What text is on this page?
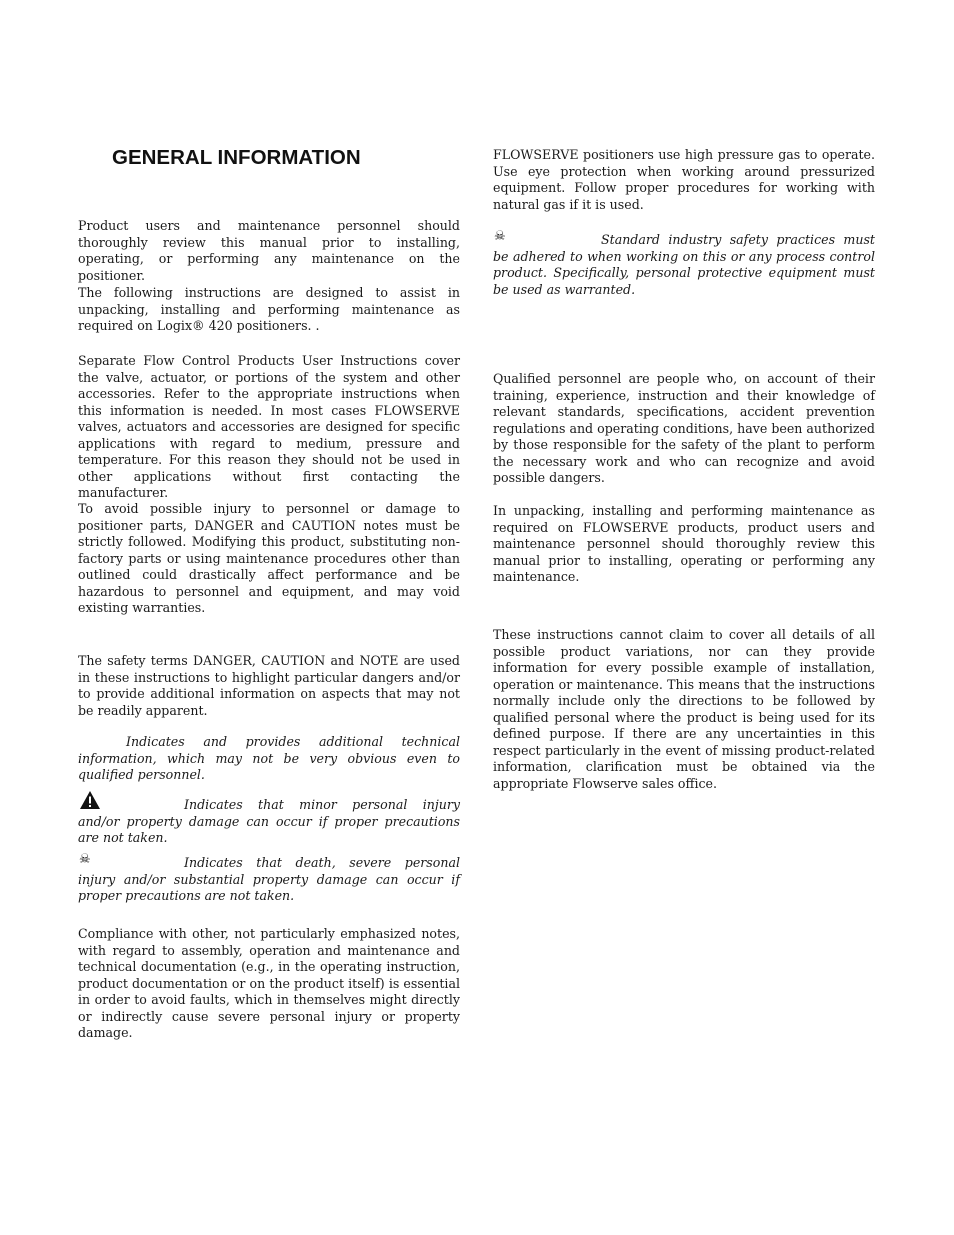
GENERAL INFORMATION

Product users and maintenance personnel should thoroughly review this manual prior to installing, operating, or performing any maintenance on the positioner.

The following instructions are designed to assist in unpacking, installing and performing maintenance as required on Logix® 420 positioners. .

Separate Flow Control Products User Instructions cover the valve, actuator, or portions of the system and other accessories. Refer to the appropriate instructions when this information is needed. In most cases FLOWSERVE valves, actuators and accessories are designed for specific applications with regard to medium, pressure and temperature. For this reason they should not be used in other applications without first contacting the manufacturer.

To avoid possible injury to personnel or damage to positioner parts, DANGER and CAUTION notes must be strictly followed. Modifying this product, substituting non-factory parts or using maintenance procedures other than outlined could drastically affect performance and be hazardous to personnel and equipment, and may void existing warranties.

The safety terms DANGER, CAUTION and NOTE are used in these instructions to highlight particular dangers and/or to provide additional information on aspects that may not be readily apparent.

Indicates and provides additional technical information, which may not be very obvious even to qualified personnel.

Indicates that minor personal injury and/or property damage can occur if proper precautions are not taken.

☠	Indicates that death, severe personal injury and/or substantial property damage can occur if proper precautions are not taken.

Compliance with other, not particularly emphasized notes, with regard to assembly, operation and maintenance and technical documentation (e.g., in the operating instruction, product documentation or on the product itself) is essential in order to avoid faults, which in themselves might directly or indirectly cause severe personal injury or property damage.

FLOWSERVE positioners use high pressure gas to operate. Use eye protection when working around pressurized equipment. Follow proper procedures for working with natural gas if it is used.

☠	Standard industry safety practices must be adhered to when working on this or any process control product. Specifically, personal protective equipment must be used as warranted.

Qualified personnel are people who, on account of their training, experience, instruction and their knowledge of relevant standards, specifications, accident prevention regulations and operating conditions, have been authorized by those responsible for the safety of the plant to perform the necessary work and who can recognize and avoid possible dangers.

In unpacking, installing and performing maintenance as required on FLOWSERVE products, product users and maintenance personnel should thoroughly review this manual prior to installing, operating or performing any maintenance.

These instructions cannot claim to cover all details of all possible product variations, nor can they provide information for every possible example of installation, operation or maintenance. This means that the instructions normally include only the directions to be followed by qualified personal where the product is being used for its defined purpose. If there are any uncertainties in this respect particularly in the event of missing product-related information, clarification must be obtained via the appropriate Flowserve sales office.
